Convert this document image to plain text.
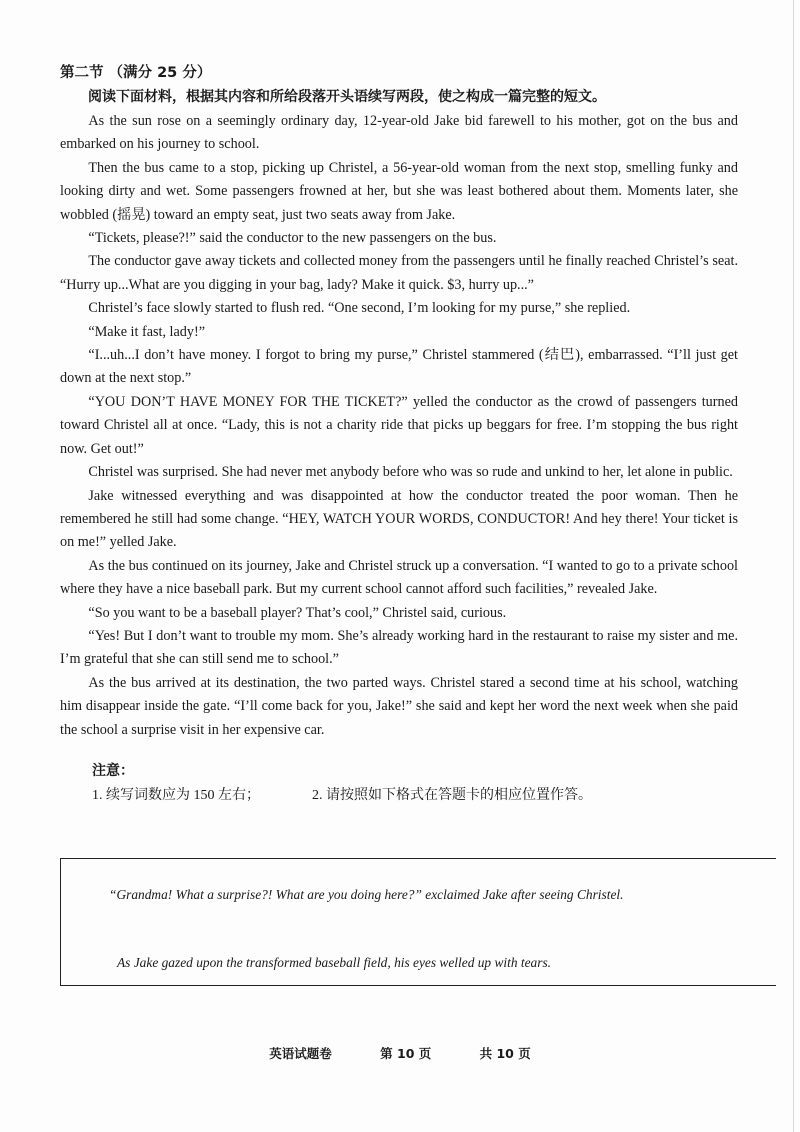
第二节 （满分 25 分）

阅读下面材料，根据其内容和所给段落开头语续写两段，使之构成一篇完整的短文。

As the sun rose on a seemingly ordinary day, 12-year-old Jake bid farewell to his mother, got on the bus and embarked on his journey to school.

Then the bus came to a stop, picking up Christel, a 56-year-old woman from the next stop, smelling funky and looking dirty and wet. Some passengers frowned at her, but she was least bothered about them. Moments later, she wobbled (摇晃) toward an empty seat, just two seats away from Jake.

“Tickets, please?!” said the conductor to the new passengers on the bus.

The conductor gave away tickets and collected money from the passengers until he finally reached Christel’s seat. “Hurry up...What are you digging in your bag, lady? Make it quick. $3, hurry up...”

Christel’s face slowly started to flush red. “One second, I’m looking for my purse,” she replied.

“Make it fast, lady!”

“I...uh...I don’t have money. I forgot to bring my purse,” Christel stammered (结巴), embarrassed. “I’ll just get down at the next stop.”

“YOU DON’T HAVE MONEY FOR THE TICKET?” yelled the conductor as the crowd of passengers turned toward Christel all at once. “Lady, this is not a charity ride that picks up beggars for free. I’m stopping the bus right now. Get out!”

Christel was surprised. She had never met anybody before who was so rude and unkind to her, let alone in public.

Jake witnessed everything and was disappointed at how the conductor treated the poor woman. Then he remembered he still had some change. “HEY, WATCH YOUR WORDS, CONDUCTOR! And hey there! Your ticket is on me!” yelled Jake.

As the bus continued on its journey, Jake and Christel struck up a conversation. “I wanted to go to a private school where they have a nice baseball park. But my current school cannot afford such facilities,” revealed Jake.

“So you want to be a baseball player? That’s cool,” Christel said, curious.

“Yes! But I don’t want to trouble my mom. She’s already working hard in the restaurant to raise my sister and me. I’m grateful that she can still send me to school.”

As the bus arrived at its destination, the two parted ways. Christel stared a second time at his school, watching him disappear inside the gate. “I’ll come back for you, Jake!” she said and kept her word the next week when she paid the school a surprise visit in her expensive car.

注意：

1. 续写词数应为 150 左右；	2. 请按照如下格式在答题卡的相应位置作答。
“Grandma! What a surprise?! What are you doing here?” exclaimed Jake after seeing Christel.
As Jake gazed upon the transformed baseball field, his eyes welled up with tears.
英语试题卷	第 10 页	共 10 页
